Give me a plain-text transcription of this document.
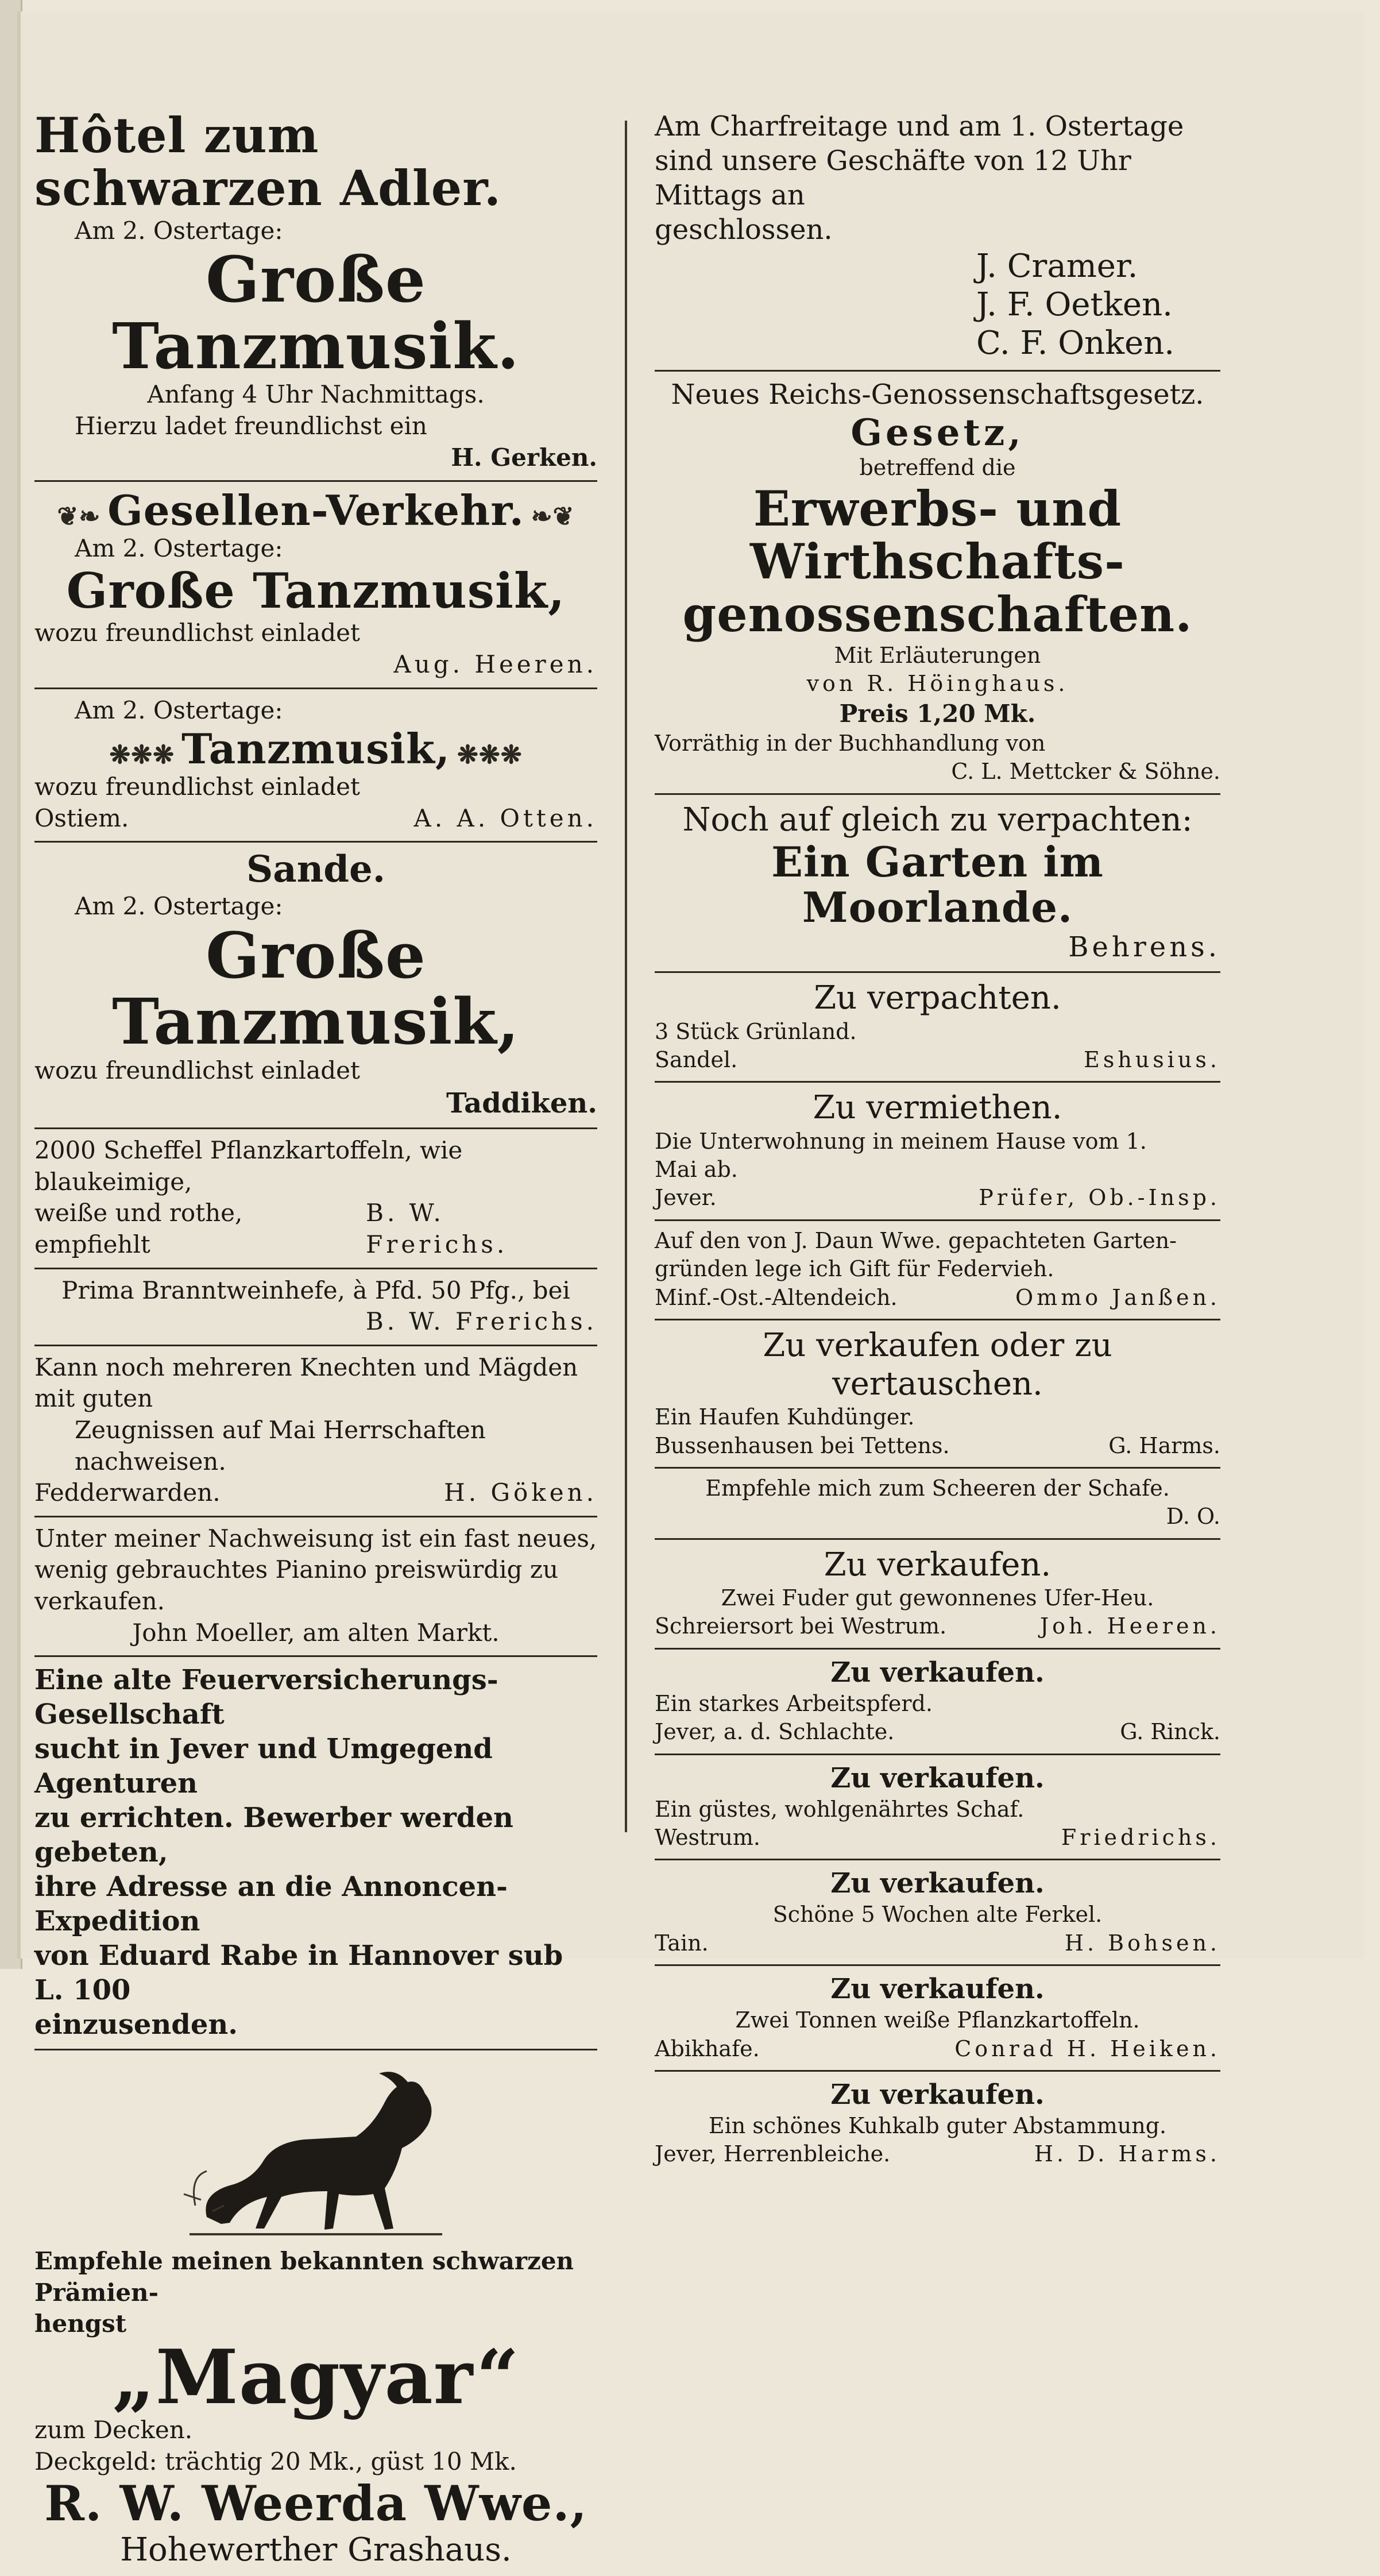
Hôtel zum schwarzen Adler.
Am 2. Ostertage:
Große Tanzmusik.
Anfang 4 Uhr Nachmittags.
Hierzu ladet freundlichst ein
H. Gerken.
❦❧ Gesellen-Verkehr. ❧❦
Am 2. Ostertage:
Große Tanzmusik,
wozu freundlichst einladet
Aug. Heeren.
Am 2. Ostertage:
❋❋❋ Tanzmusik, ❋❋❋
wozu freundlichst einladet
Ostiem.	A. A. Otten.
Sande.
Am 2. Ostertage:
Große Tanzmusik,
wozu freundlichst einladet
Taddiken.
2000 Scheffel Pflanzkartoffeln, wie blaukeimige,
weiße und rothe, empfiehlt
B. W. Frerichs.
Prima Branntweinhefe, à Pfd. 50 Pfg., bei
B. W. Frerichs.
Kann noch mehreren Knechten und Mägden mit guten
Zeugnissen auf Mai Herrschaften nachweisen.
Fedderwarden.	H. Göken.
Unter meiner Nachweisung ist ein fast neues,
wenig gebrauchtes Pianino preiswürdig zu verkaufen.
John Moeller, am alten Markt.
Eine alte Feuerversicherungs-Gesellschaft
sucht in Jever und Umgegend Agenturen
zu errichten. Bewerber werden gebeten,
ihre Adresse an die Annoncen-Expedition
von Eduard Rabe in Hannover sub L. 100
einzusenden.
Empfehle meinen bekannten schwarzen Prämien-
hengst
„Magyar“
zum Decken.
Deckgeld: trächtig 20 Mk., güst 10 Mk.
R. W. Weerda Wwe.,
Hohewerther Grashaus.
Am Charfreitage und am 1. Ostertage
sind unsere Geschäfte von 12 Uhr Mittags an
geschlossen.
J. Cramer.
J. F. Oetken.
C. F. Onken.
Neues Reichs-Genossenschaftsgesetz.
Gesetz,
betreffend die
Erwerbs- und Wirthschafts-
genossenschaften.
Mit Erläuterungen
von R. Höinghaus.
Preis 1,20 Mk.
Vorräthig in der Buchhandlung von
C. L. Mettcker & Söhne.
Noch auf gleich zu verpachten:
Ein Garten im Moorlande.
Behrens.
Zu verpachten.
3 Stück Grünland.
Sandel.	Eshusius.
Zu vermiethen.
Die Unterwohnung in meinem Hause vom 1.
Mai ab.
Jever.	Prüfer, Ob.-Insp.
Auf den von J. Daun Wwe. gepachteten Garten-
gründen lege ich Gift für Federvieh.
Minf.-Ost.-Altendeich.	Ommo Janßen.
Zu verkaufen oder zu vertauschen.
Ein Haufen Kuhdünger.
Bussenhausen bei Tettens.	G. Harms.
Empfehle mich zum Scheeren der Schafe.
D. O.
Zu verkaufen.
Zwei Fuder gut gewonnenes Ufer-Heu.
Schreiersort bei Westrum.	Joh. Heeren.
Zu verkaufen.
Ein starkes Arbeitspferd.
Jever, a. d. Schlachte.	G. Rinck.
Zu verkaufen.
Ein güstes, wohlgenährtes Schaf.
Westrum.	Friedrichs.
Zu verkaufen.
Schöne 5 Wochen alte Ferkel.
Tain.	H. Bohsen.
Zu verkaufen.
Zwei Tonnen weiße Pflanzkartoffeln.
Abikhafe.	Conrad H. Heiken.
Zu verkaufen.
Ein schönes Kuhkalb guter Abstammung.
Jever, Herrenbleiche.	H. D. Harms.
